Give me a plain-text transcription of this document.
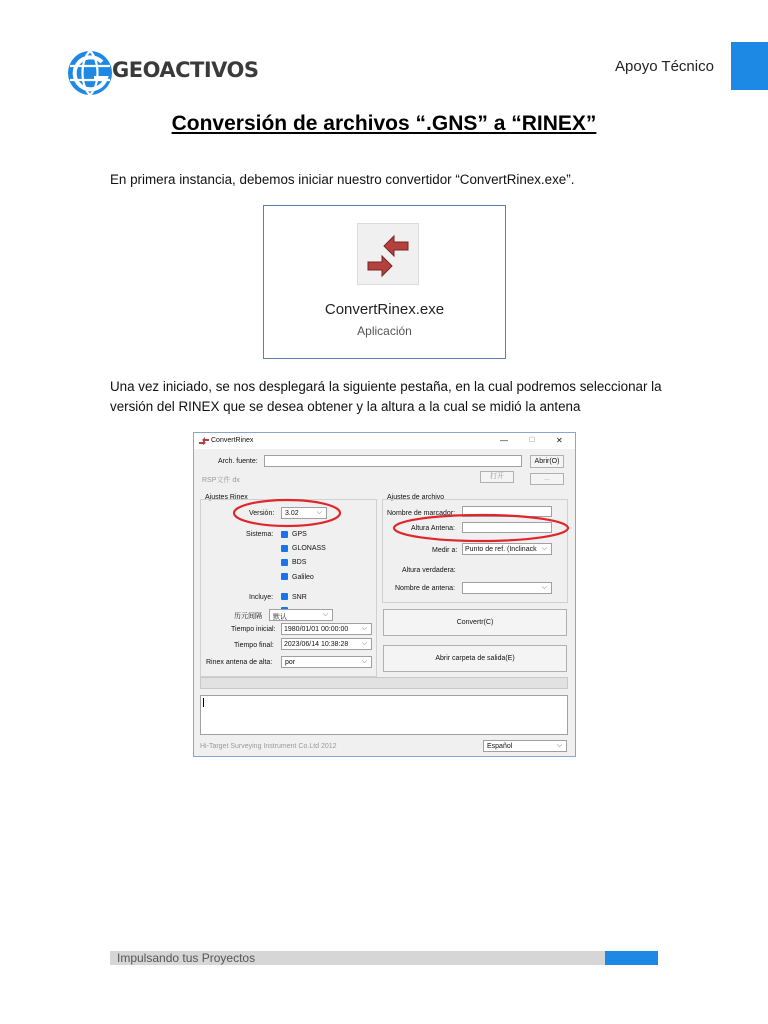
GEOACTIVOS	Apoyo Técnico
Conversión de archivos “.GNS” a “RINEX”
En primera instancia, debemos iniciar nuestro convertidor “ConvertRinex.exe”.
ConvertRinex.exe
Aplicación
Una vez iniciado, se nos desplegará la siguiente pestaña, en la cual podremos seleccionar la versión del RINEX que se desea obtener y la altura a la cual se midió la antena
ConvertRinex	—	☐	✕
Arch. fuente:	Abrir(O)
RSP文件 dx
打开	...
Ajustes Rinex
Versión:	3.02	⌵
Sistema:	GPS
GLONASS
BDS
Galileo
Incluye:	SNR
历元间隔	默认	⌵
Tiempo inicial:	1980/01/01 00:00:00 ⌵
Tiempo final:	2023/06/14 10:38:28 ⌵
Rinex antena de alta:	por	⌵
Ajustes de archivo
Nombre de marcador:
Altura Antena:
Medir a:	Punto de ref. (Inclinack ⌵
Altura verdadera:
Nombre de antena:	⌵
Convertr(C)
Abrir carpeta de salida(E)
Hi-Target Surveying Instrument Co.Ltd 2012	Español	⌵
Impulsando tus Proyectos
